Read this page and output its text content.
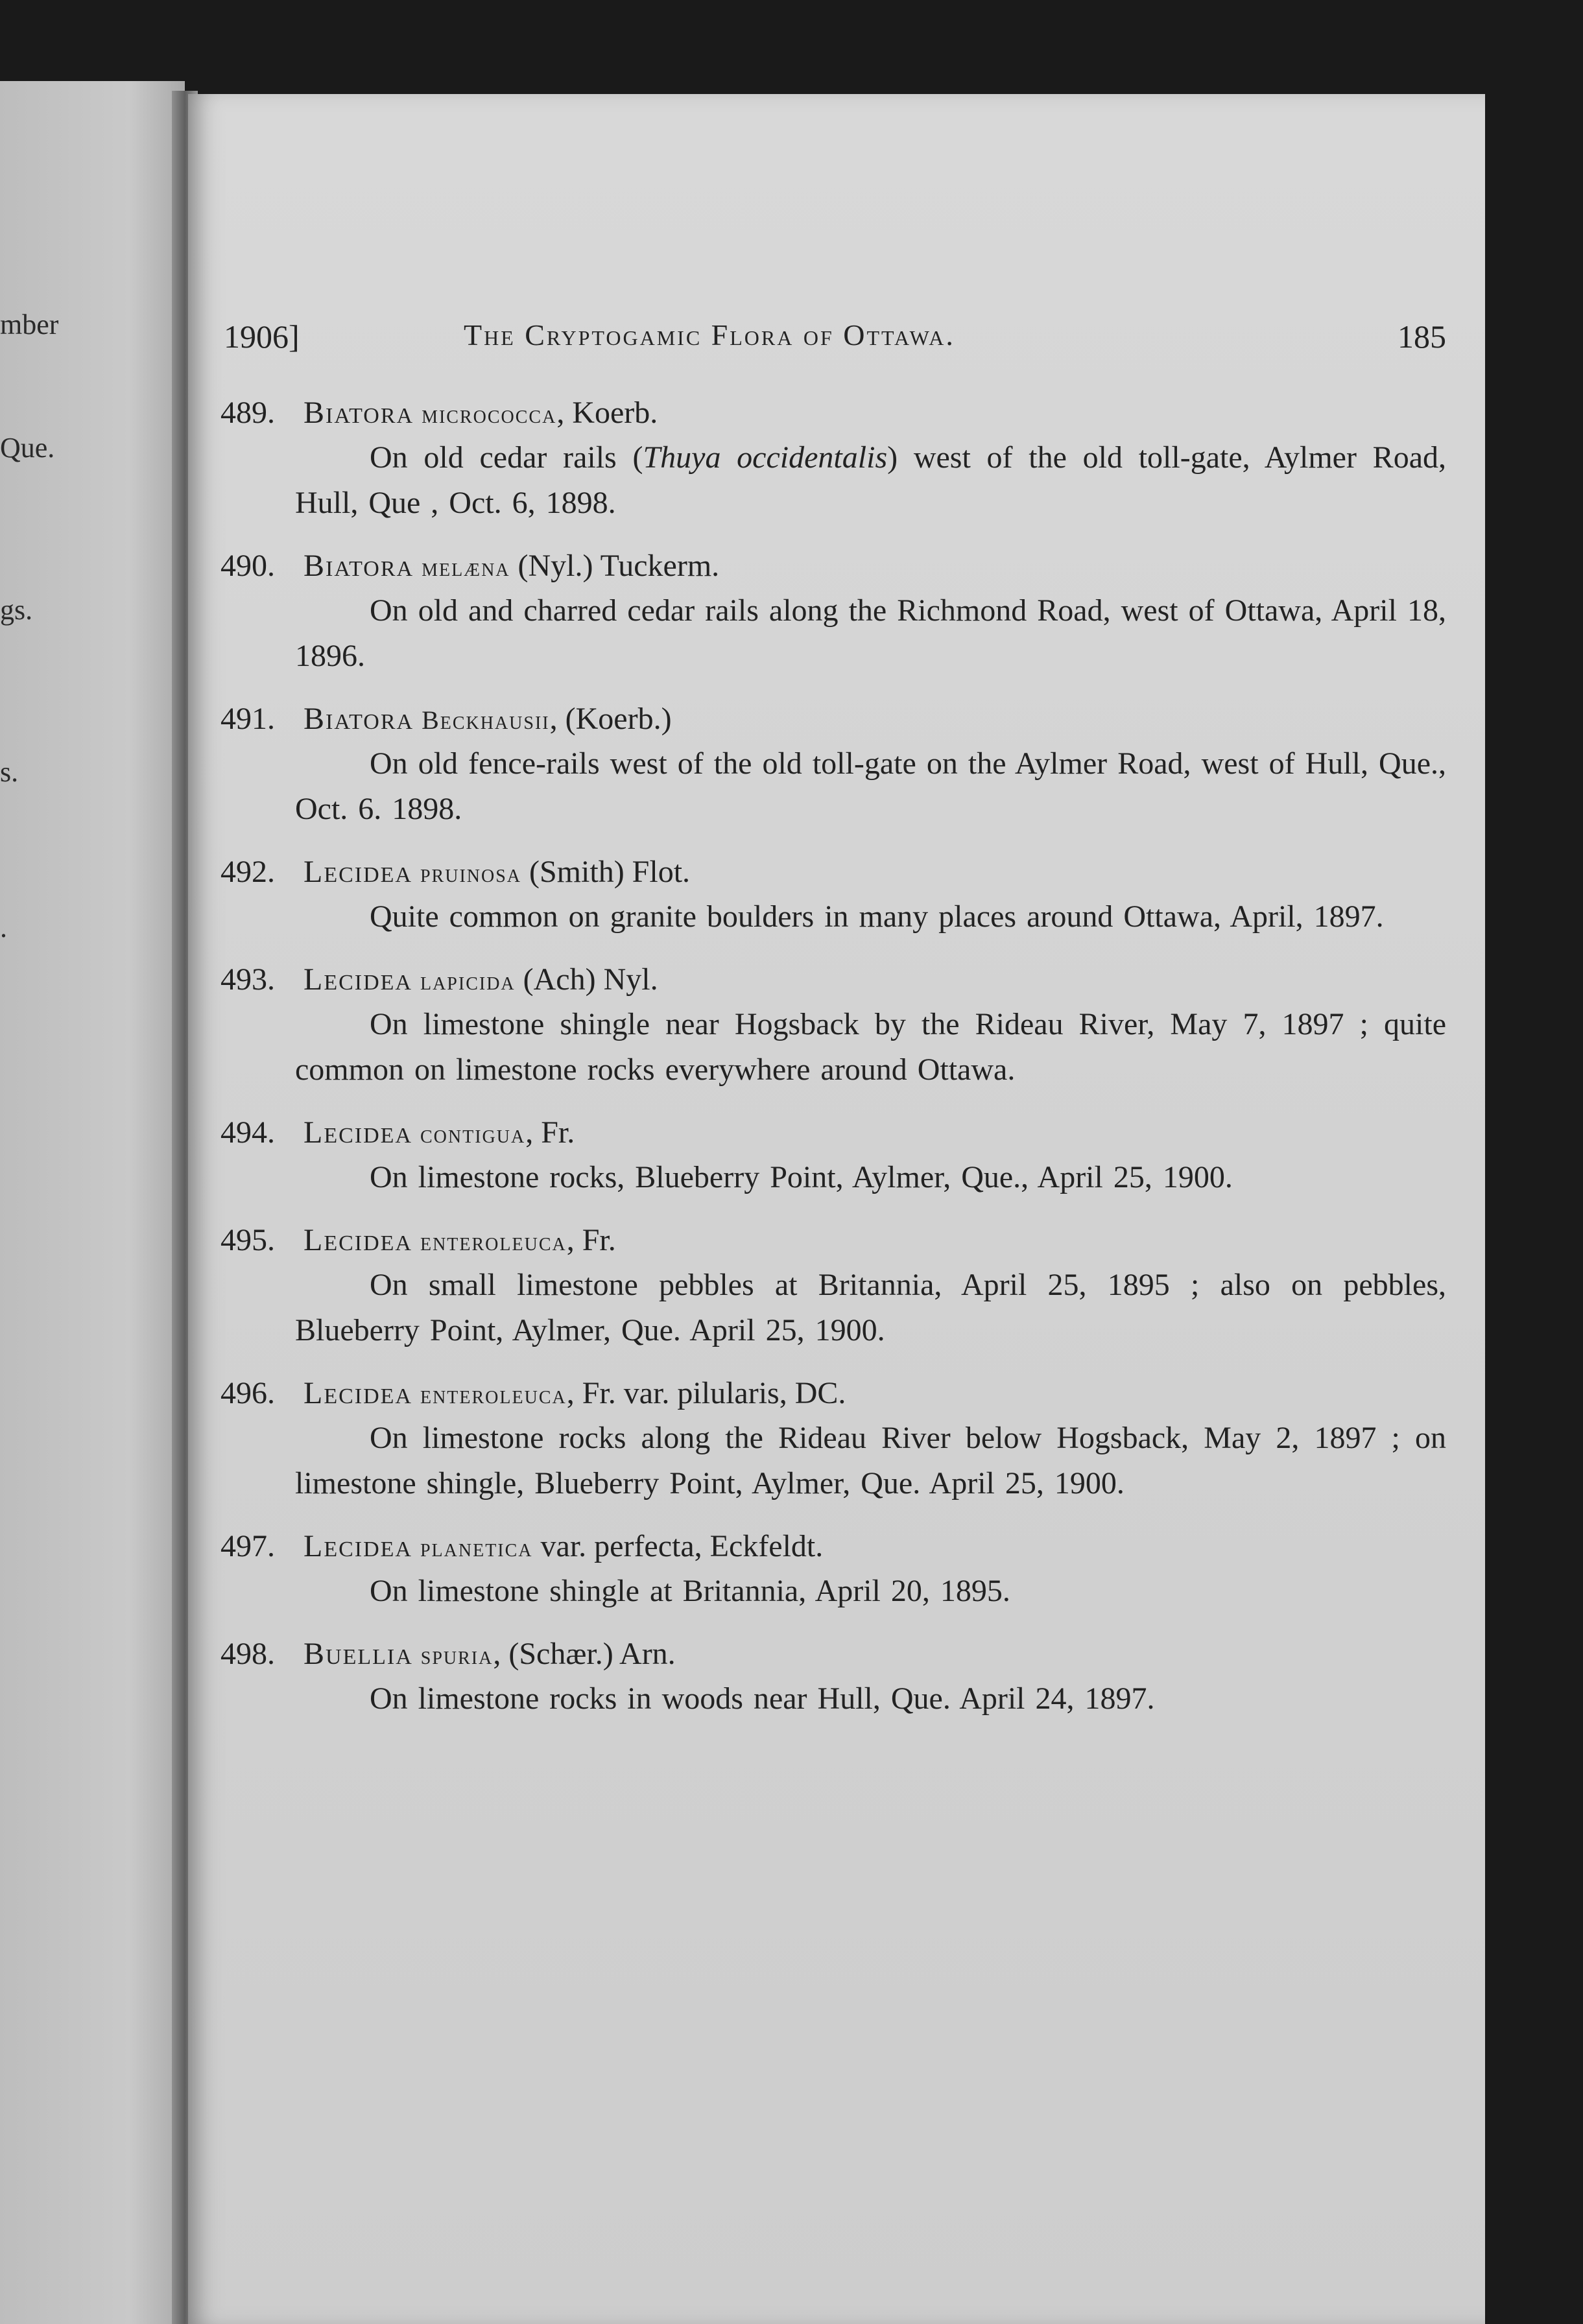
mber
Que.
gs.
s.
.
1906]	The Cryptogamic Flora of Ottawa.	185
489. Biatora micrococca, Koerb.
On old cedar rails (Thuya occidentalis) west of the old toll-gate, Aylmer Road, Hull, Que , Oct. 6, 1898.
490. Biatora melæna (Nyl.) Tuckerm.
On old and charred cedar rails along the Richmond Road, west of Ottawa, April 18, 1896.
491. Biatora Beckhausii, (Koerb.)
On old fence-rails west of the old toll-gate on the Aylmer Road, west of Hull, Que., Oct. 6. 1898.
492. Lecidea pruinosa (Smith) Flot.
Quite common on granite boulders in many places around Ottawa, April, 1897.
493. Lecidea lapicida (Ach) Nyl.
On limestone shingle near Hogsback by the Rideau River, May 7, 1897 ; quite common on limestone rocks everywhere around Ottawa.
494. Lecidea contigua, Fr.
On limestone rocks, Blueberry Point, Aylmer, Que., April 25, 1900.
495. Lecidea enteroleuca, Fr.
On small limestone pebbles at Britannia, April 25, 1895 ; also on pebbles, Blueberry Point, Aylmer, Que. April 25, 1900.
496. Lecidea enteroleuca, Fr. var. pilularis, DC.
On limestone rocks along the Rideau River below Hogsback, May 2, 1897 ; on limestone shingle, Blueberry Point, Aylmer, Que. April 25, 1900.
497. Lecidea planetica var. perfecta, Eckfeldt.
On limestone shingle at Britannia, April 20, 1895.
498. Buellia spuria, (Schær.) Arn.
On limestone rocks in woods near Hull, Que. April 24, 1897.
